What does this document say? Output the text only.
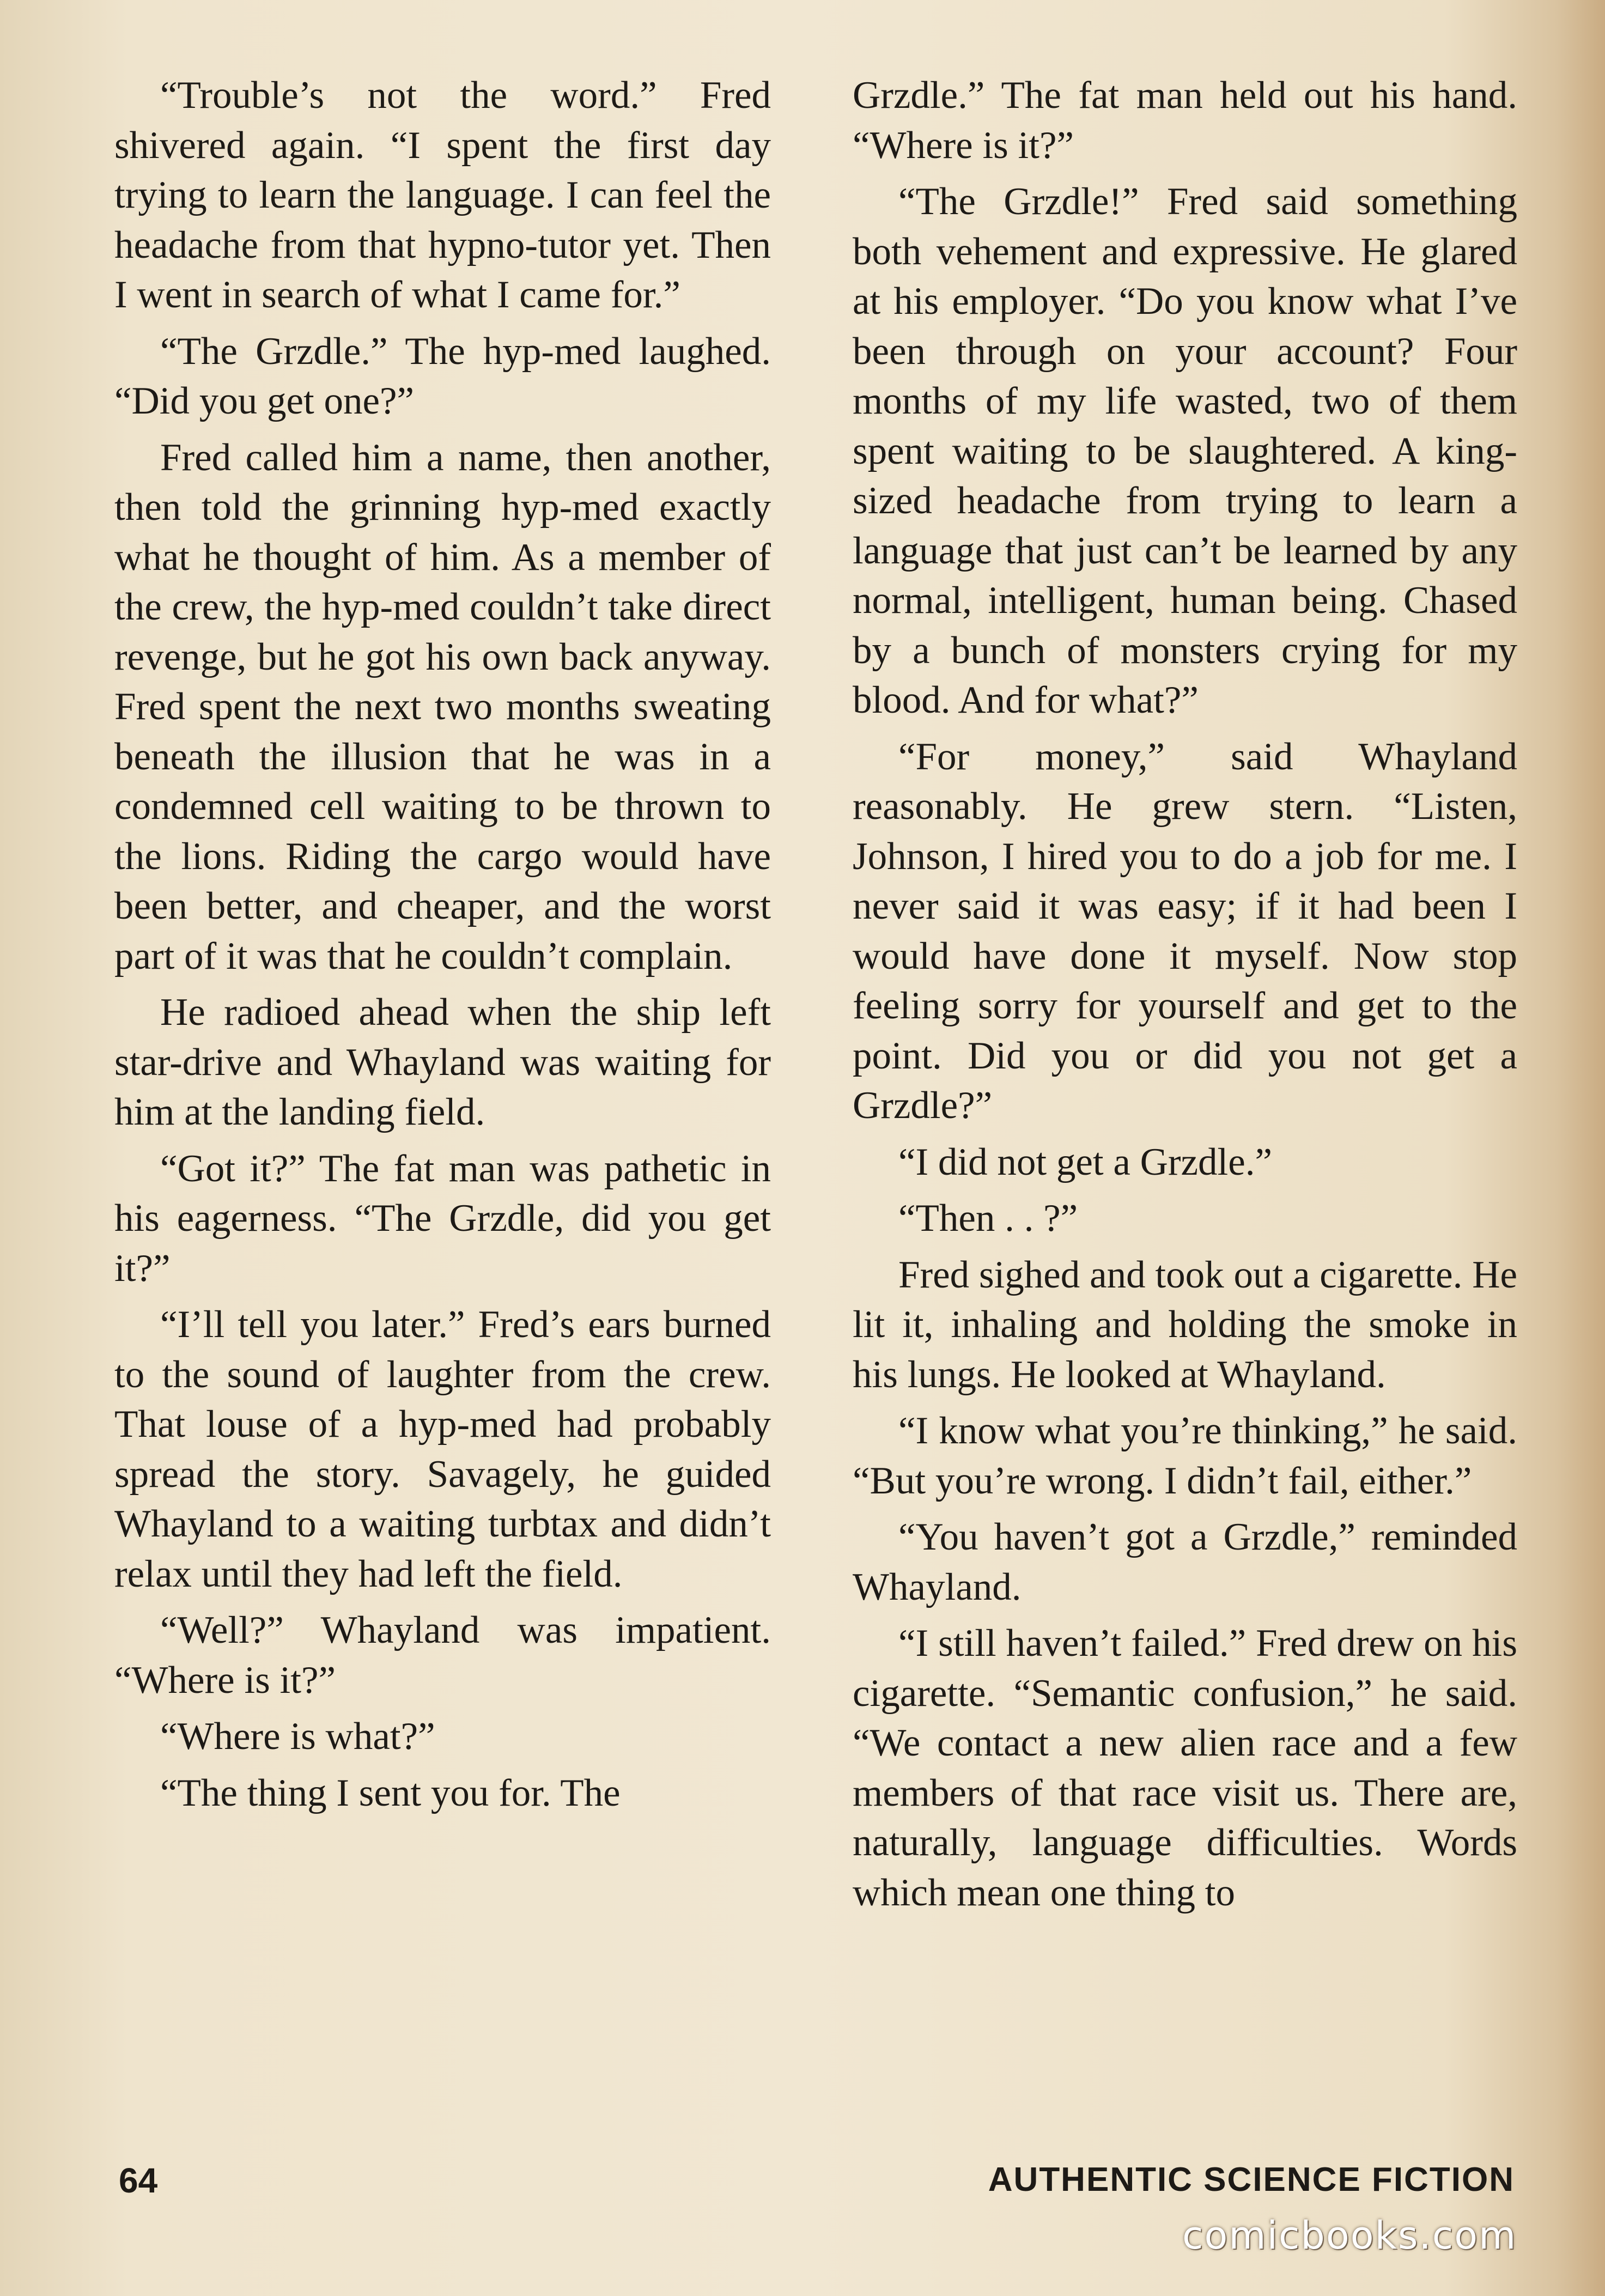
“Trouble’s not the word.” Fred shivered again. “I spent the first day trying to learn the language. I can feel the headache from that hypno-tutor yet. Then I went in search of what I came for.”

“The Grzdle.” The hyp-med laughed. “Did you get one?”

Fred called him a name, then another, then told the grinning hyp-med exactly what he thought of him. As a member of the crew, the hyp-med couldn’t take direct revenge, but he got his own back anyway. Fred spent the next two months sweating beneath the illusion that he was in a condemned cell waiting to be thrown to the lions. Riding the cargo would have been better, and cheaper, and the worst part of it was that he couldn’t complain.

He radioed ahead when the ship left star-drive and Whayland was waiting for him at the landing field.

“Got it?” The fat man was pathetic in his eagerness. “The Grzdle, did you get it?”

“I’ll tell you later.” Fred’s ears burned to the sound of laughter from the crew. That louse of a hyp-med had probably spread the story. Savagely, he guided Whayland to a waiting turbtax and didn’t relax until they had left the field.

“Well?” Whayland was impatient. “Where is it?”

“Where is what?”

“The thing I sent you for. The

Grzdle.” The fat man held out his hand. “Where is it?”

“The Grzdle!” Fred said something both vehement and expressive. He glared at his employer. “Do you know what I’ve been through on your account? Four months of my life wasted, two of them spent waiting to be slaughtered. A king-sized headache from trying to learn a language that just can’t be learned by any normal, intelligent, human being. Chased by a bunch of monsters crying for my blood. And for what?”

“For money,” said Whayland reasonably. He grew stern. “Listen, Johnson, I hired you to do a job for me. I never said it was easy; if it had been I would have done it myself. Now stop feeling sorry for yourself and get to the point. Did you or did you not get a Grzdle?”

“I did not get a Grzdle.”

“Then . . ?”

Fred sighed and took out a cigarette. He lit it, inhaling and holding the smoke in his lungs. He looked at Whayland.

“I know what you’re thinking,” he said. “But you’re wrong. I didn’t fail, either.”

“You haven’t got a Grzdle,” reminded Whayland.

“I still haven’t failed.” Fred drew on his cigarette. “Semantic confusion,” he said. “We contact a new alien race and a few members of that race visit us. There are, naturally, language difficulties. Words which mean one thing to

64	AUTHENTIC SCIENCE FICTION
comicbooks.com
